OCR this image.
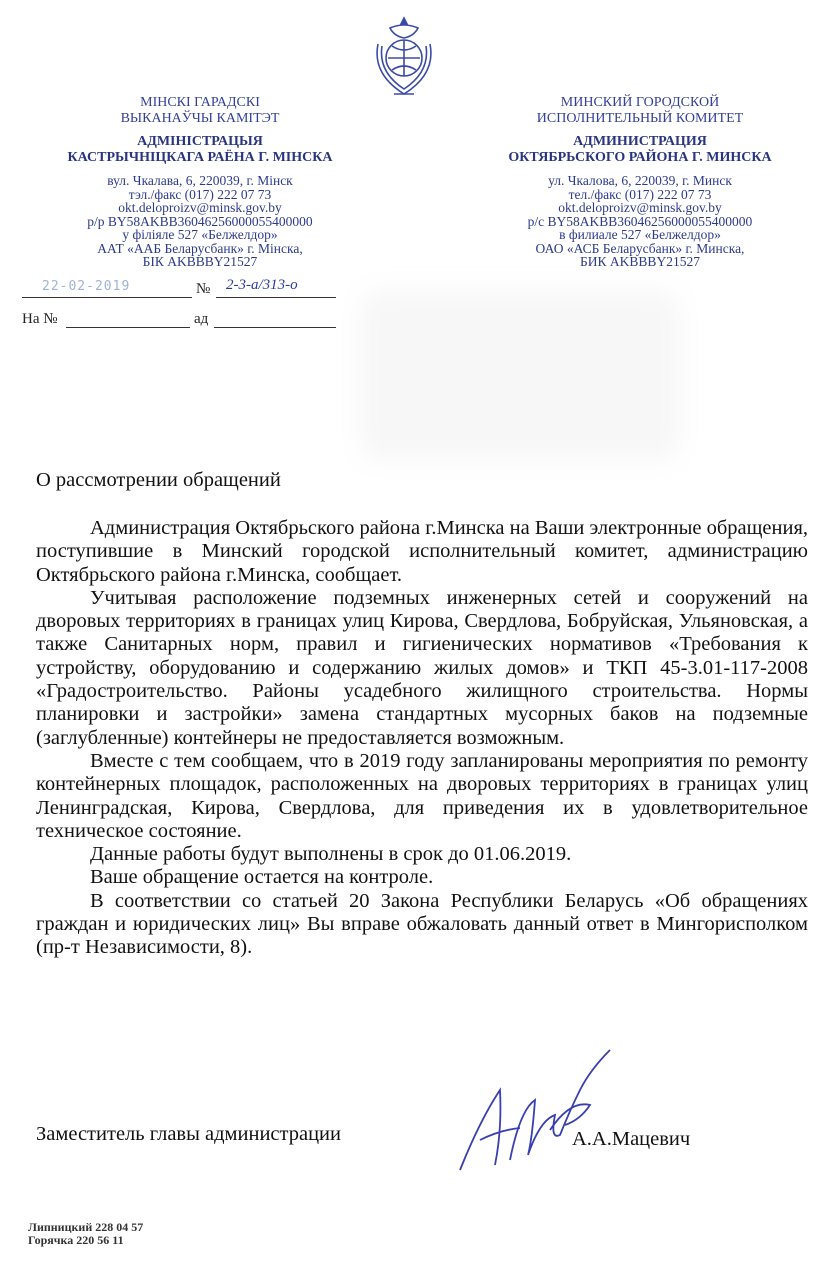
МІНСКІ ГАРАДСКІ
ВЫКАНАЎЧЫ КАМІТЭТ
АДМІНІСТРАЦЫЯ
КАСТРЫЧНІЦКАГА РАЁНА Г. МІНСКА
вул. Чкалава, 6, 220039, г. Мінск
тэл./факс (017) 222 07 73
okt.deloproizv@minsk.gov.by
р/р BY58AKBB36046256000055400000
у філіяле 527 «Белжелдор»
ААТ «ААБ Беларусбанк» г. Мінска,
БІК AKBBBY21527
МИНСКИЙ ГОРОДСКОЙ
ИСПОЛНИТЕЛЬНЫЙ КОМИТЕТ
АДМИНИСТРАЦИЯ
ОКТЯБРЬСКОГО РАЙОНА Г. МИНСКА
ул. Чкалова, 6, 220039, г. Минск
тел./факс (017) 222 07 73
okt.deloproizv@minsk.gov.by
р/с BY58AKBB36046256000055400000
в филиале 527 «Белжелдор»
ОАО «АСБ Беларусбанк» г. Минска,
БИК AKBBBY21527
22-02-2019	№ 2-3-а/313-о
На №	ад
О рассмотрении обращений

Администрация Октябрьского района г.Минска на Ваши электронные обращения, поступившие в Минский городской исполнительный комитет, администрацию Октябрьского района г.Минска, сообщает.

Учитывая расположение подземных инженерных сетей и сооружений на дворовых территориях в границах улиц Кирова, Свердлова, Бобруйская, Ульяновская, а также Санитарных норм, правил и гигиенических нормативов «Требования к устройству, оборудованию и содержанию жилых домов» и ТКП 45-3.01-117-2008 «Градостроительство. Районы усадебного жилищного строительства. Нормы планировки и застройки» замена стандартных мусорных баков на подземные (заглубленные) контейнеры не предоставляется возможным.

Вместе с тем сообщаем, что в 2019 году запланированы мероприятия по ремонту контейнерных площадок, расположенных на дворовых территориях в границах улиц Ленинградская, Кирова, Свердлова, для приведения их в удовлетворительное техническое состояние.

Данные работы будут выполнены в срок до 01.06.2019.

Ваше обращение остается на контроле.

В соответствии со статьей 20 Закона Республики Беларусь «Об обращениях граждан и юридических лиц» Вы вправе обжаловать данный ответ в Мингорисполком (пр-т Независимости, 8).

Заместитель главы администрации	А.А.Мацевич
Липницкий 228 04 57
Горячка 220 56 11
